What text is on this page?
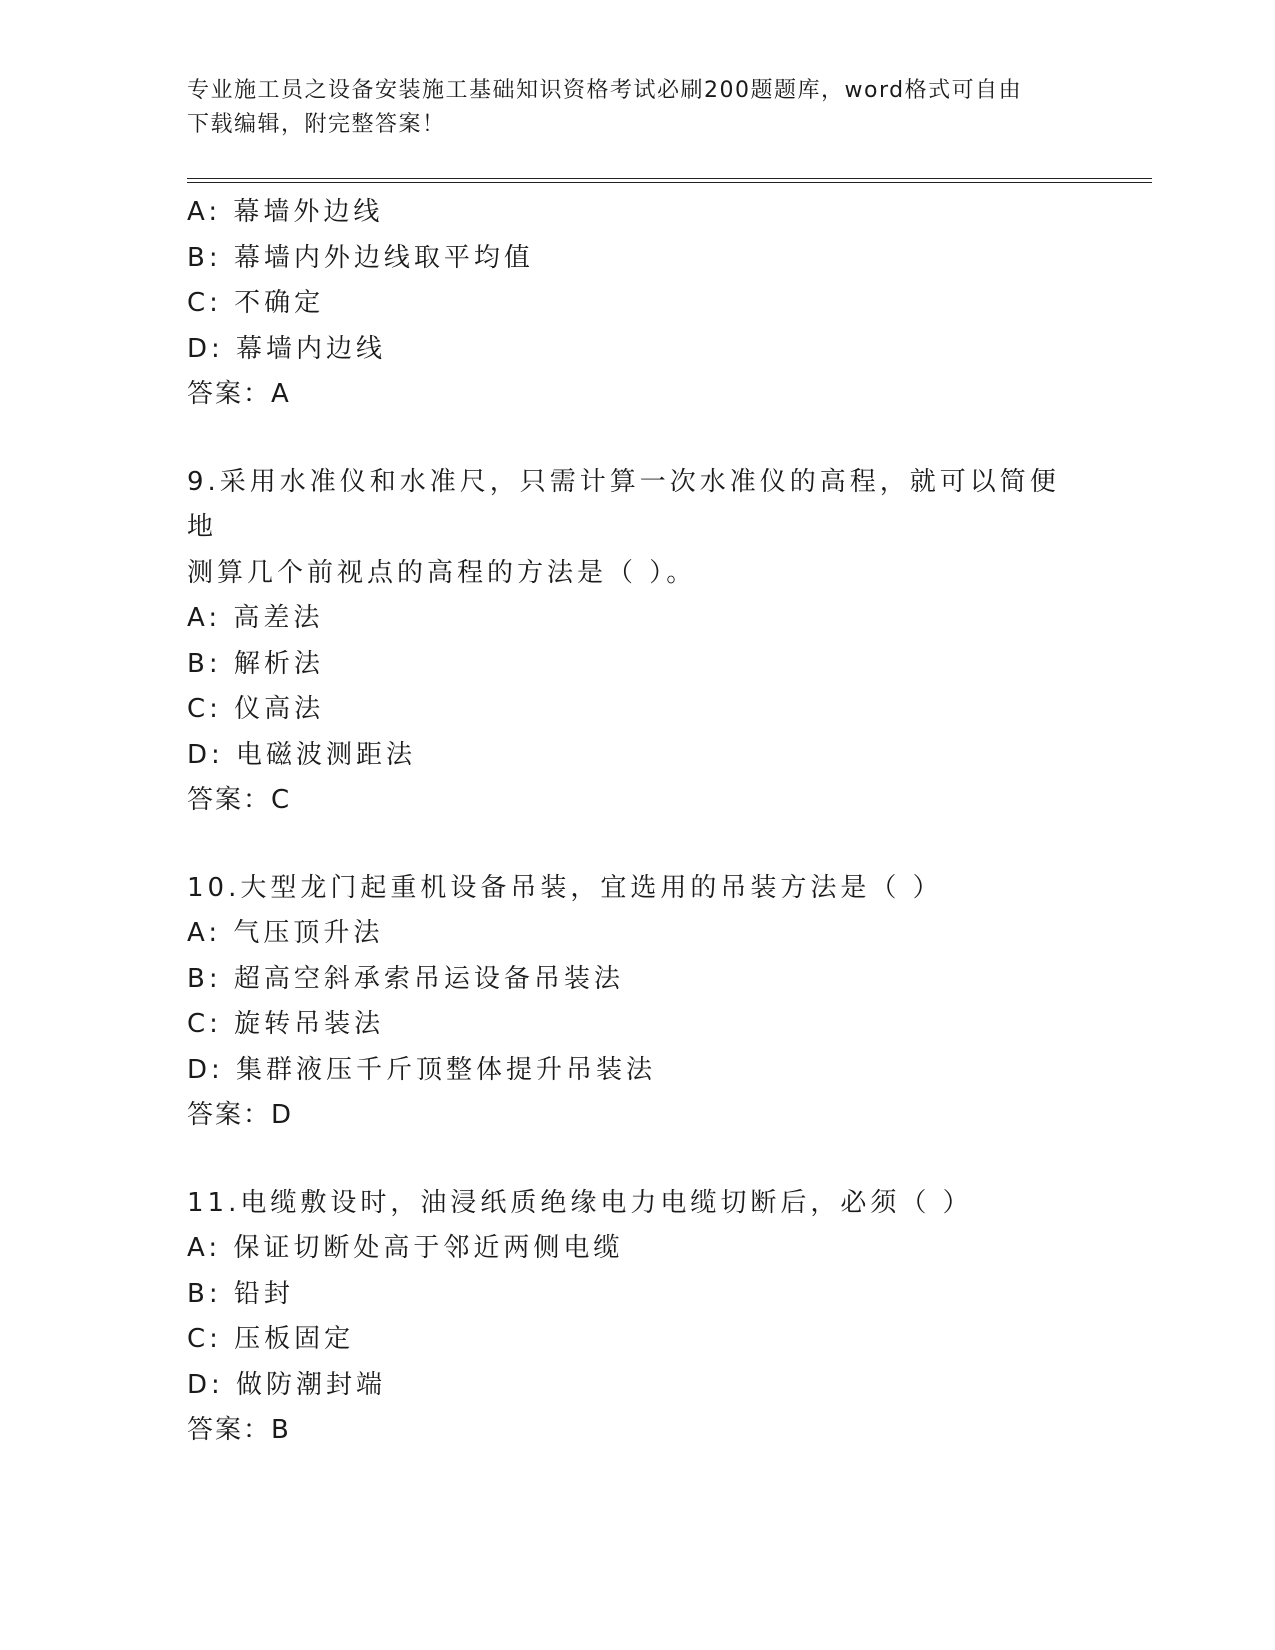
专业施工员之设备安装施工基础知识资格考试必刷200题题库，word格式可自由
下载编辑，附完整答案！
A: 幕墙外边线
B: 幕墙内外边线取平均值
C: 不确定
D: 幕墙内边线
答案：A
9.采用水准仪和水准尺，只需计算一次水准仪的高程，就可以简便地
测算几个前视点的高程的方法是（ ）。
A: 高差法
B: 解析法
C: 仪高法
D: 电磁波测距法
答案：C
10.大型龙门起重机设备吊装，宜选用的吊装方法是（ ）
A: 气压顶升法
B: 超高空斜承索吊运设备吊装法
C: 旋转吊装法
D: 集群液压千斤顶整体提升吊装法
答案：D
11.电缆敷设时，油浸纸质绝缘电力电缆切断后，必须（ ）
A: 保证切断处高于邻近两侧电缆
B: 铅封
C: 压板固定
D: 做防潮封端
答案：B
